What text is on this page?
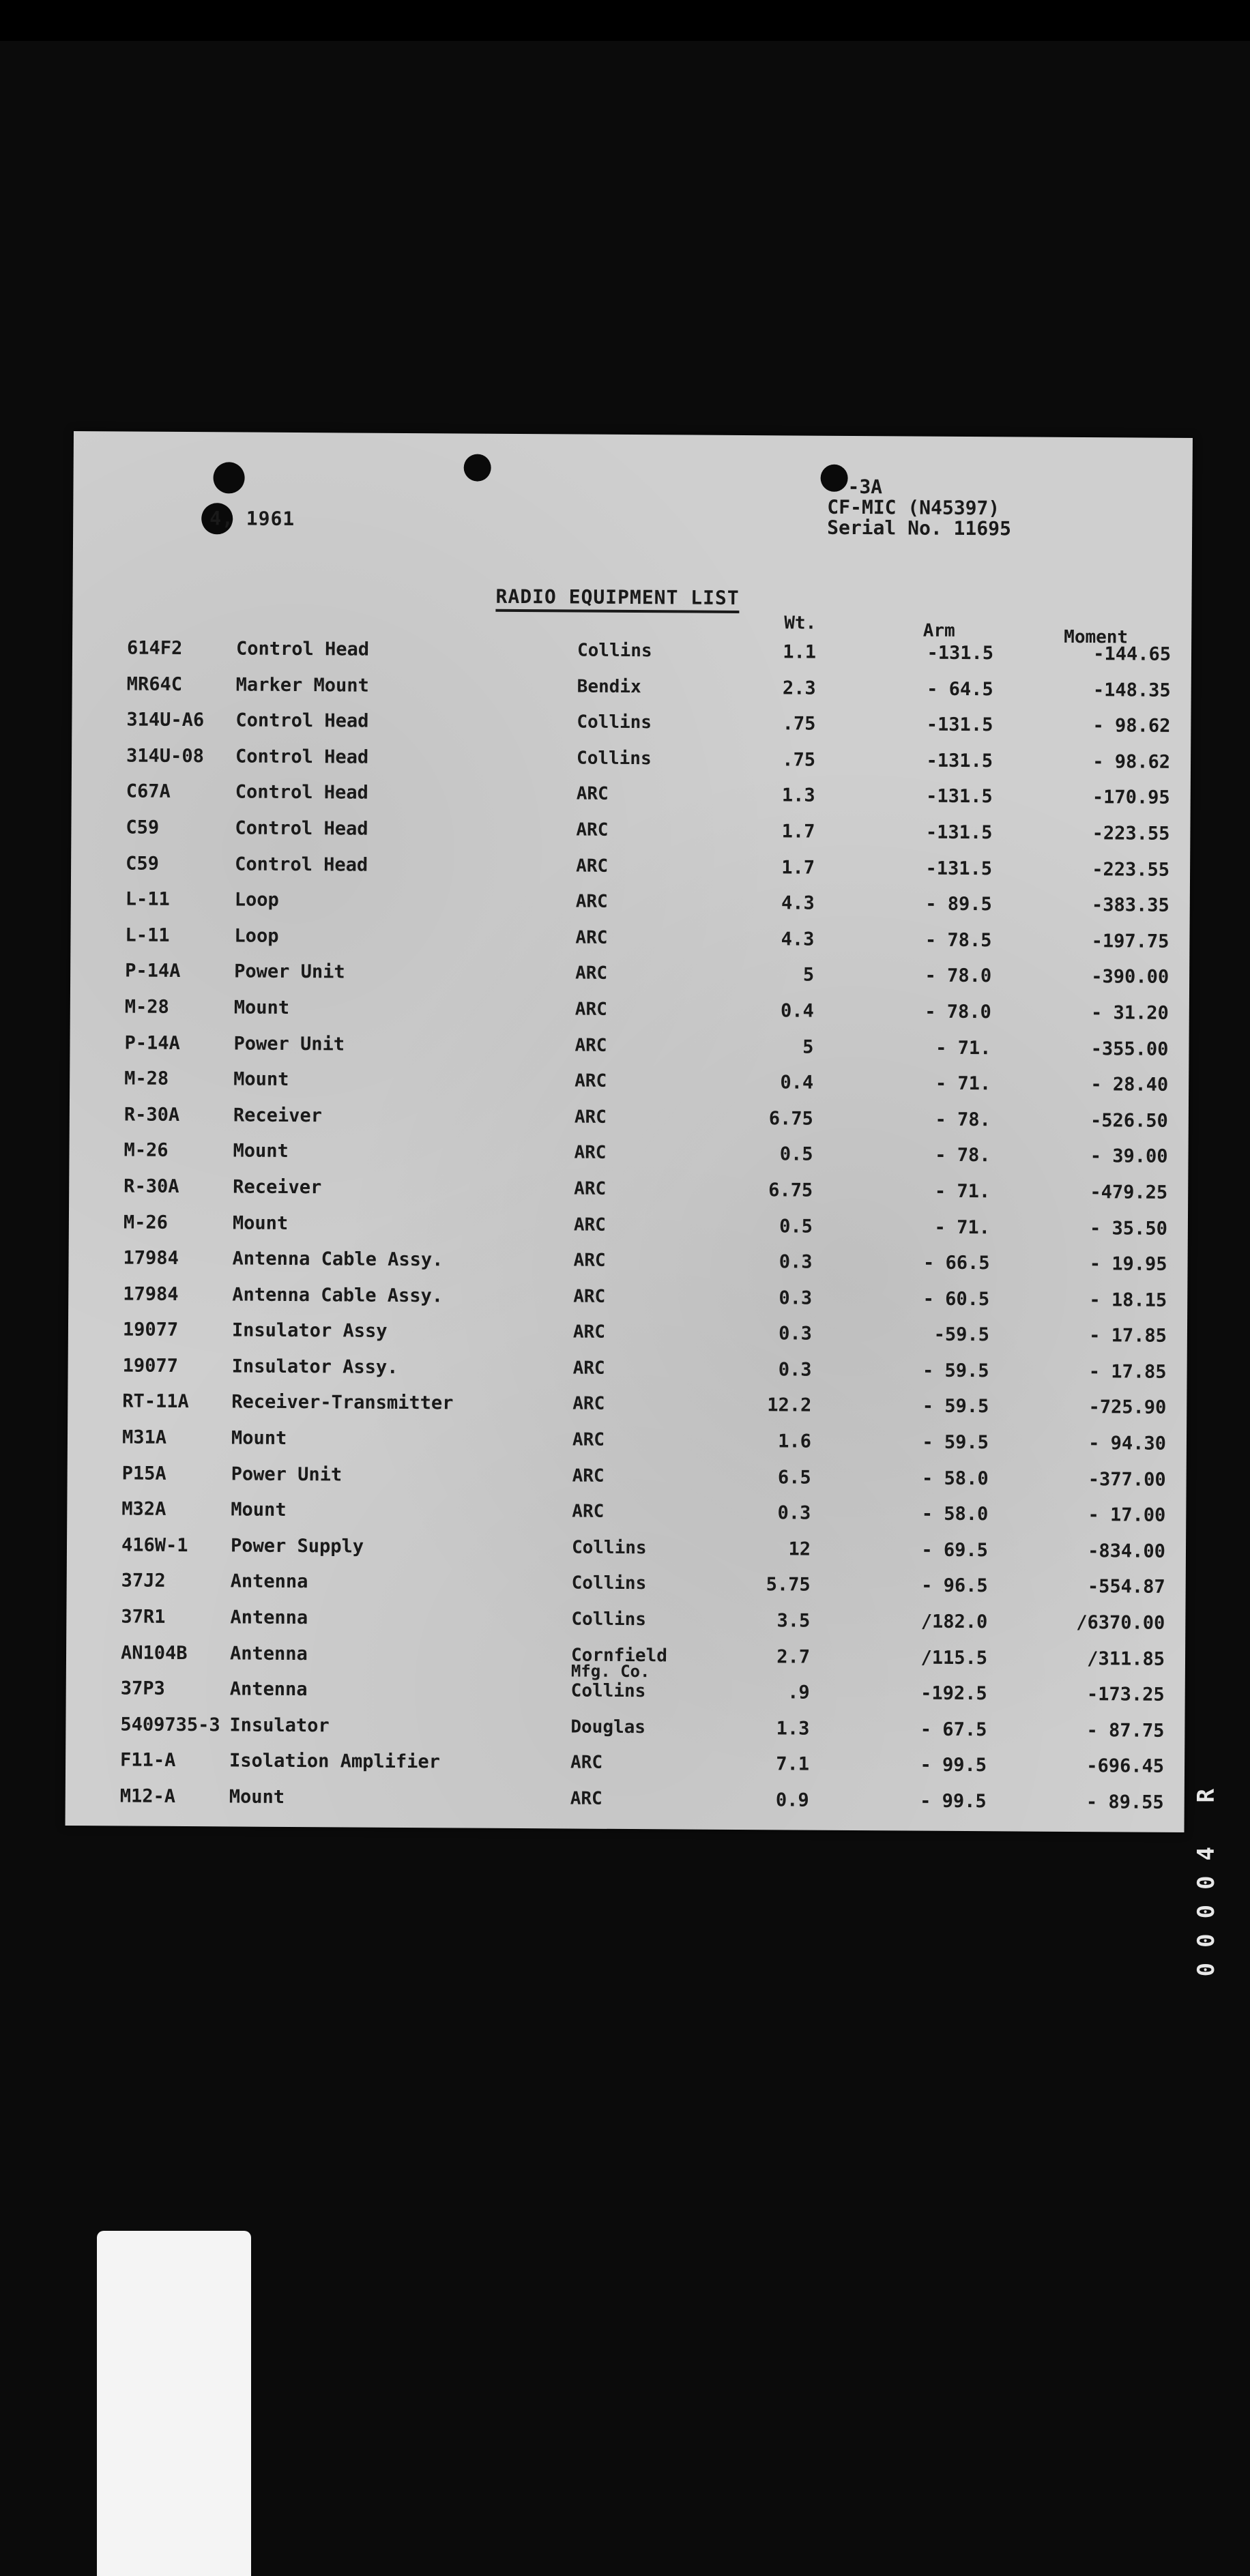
4, 1961
-3A
CF-MIC (N45397)
Serial No. 11695
RADIO EQUIPMENT LIST
Wt.	Arm	Moment
614F2	Control Head	Collins	1.1	-131.5	-144.65
MR64C	Marker Mount	Bendix	2.3	- 64.5	-148.35
314U-A6	Control Head	Collins	.75	-131.5	- 98.62
314U-08	Control Head	Collins	.75	-131.5	- 98.62
C67A	Control Head	ARC	1.3	-131.5	-170.95
C59	Control Head	ARC	1.7	-131.5	-223.55
C59	Control Head	ARC	1.7	-131.5	-223.55
L-11	Loop	ARC	4.3	- 89.5	-383.35
L-11	Loop	ARC	4.3	- 78.5	-197.75
P-14A	Power Unit	ARC	5	- 78.0	-390.00
M-28	Mount	ARC	0.4	- 78.0	- 31.20
P-14A	Power Unit	ARC	5	- 71.	-355.00
M-28	Mount	ARC	0.4	- 71.	- 28.40
R-30A	Receiver	ARC	6.75	- 78.	-526.50
M-26	Mount	ARC	0.5	- 78.	- 39.00
R-30A	Receiver	ARC	6.75	- 71.	-479.25
M-26	Mount	ARC	0.5	- 71.	- 35.50
17984	Antenna Cable Assy.	ARC	0.3	- 66.5	- 19.95
17984	Antenna Cable Assy.	ARC	0.3	- 60.5	- 18.15
19077	Insulator Assy	ARC	0.3	-59.5	- 17.85
19077	Insulator Assy.	ARC	0.3	- 59.5	- 17.85
RT-11A	Receiver-Transmitter	ARC	12.2	- 59.5	-725.90
M31A	Mount	ARC	1.6	- 59.5	- 94.30
P15A	Power Unit	ARC	6.5	- 58.0	-377.00
M32A	Mount	ARC	0.3	- 58.0	- 17.00
416W-1	Power Supply	Collins	12	- 69.5	-834.00
37J2	Antenna	Collins	5.75	- 96.5	-554.87
37R1	Antenna	Collins	3.5	/182.0	/6370.00
AN104B	Antenna	Cornfield	2.7	/115.5	/311.85
Mfg. Co.
37P3	Antenna	Collins	.9	-192.5	-173.25
5409735-3 Insulator	Douglas	1.3	- 67.5	- 87.75
F11-A	Isolation Amplifier	ARC	7.1	- 99.5	-696.45
M12-A	Mount	ARC	0.9	- 99.5	- 89.55
00004 R
